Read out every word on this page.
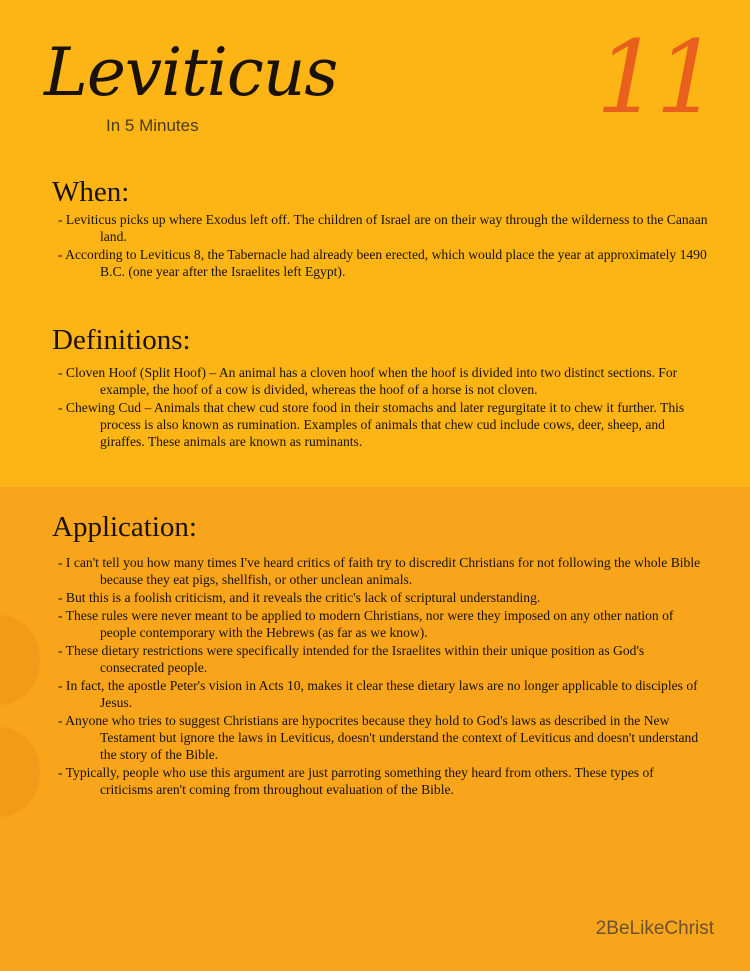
Leviticus
In 5 Minutes	11
When:
- Leviticus picks up where Exodus left off. The children of Israel are on their way through the wilderness to the Canaan land.
- According to Leviticus 8, the Tabernacle had already been erected, which would place the year at approximately 1490 B.C. (one year after the Israelites left Egypt).
Definitions:
- Cloven Hoof (Split Hoof) – An animal has a cloven hoof when the hoof is divided into two distinct sections. For example, the hoof of a cow is divided, whereas the hoof of a horse is not cloven.
- Chewing Cud – Animals that chew cud store food in their stomachs and later regurgitate it to chew it further. This process is also known as rumination. Examples of animals that chew cud include cows, deer, sheep, and giraffes. These animals are known as ruminants.
Application:
- I can't tell you how many times I've heard critics of faith try to discredit Christians for not following the whole Bible because they eat pigs, shellfish, or other unclean animals.
- But this is a foolish criticism, and it reveals the critic's lack of scriptural understanding.
- These rules were never meant to be applied to modern Christians, nor were they imposed on any other nation of people contemporary with the Hebrews (as far as we know).
- These dietary restrictions were specifically intended for the Israelites within their unique position as God's consecrated people.
- In fact, the apostle Peter's vision in Acts 10, makes it clear these dietary laws are no longer applicable to disciples of Jesus.
- Anyone who tries to suggest Christians are hypocrites because they hold to God's laws as described in the New Testament but ignore the laws in Leviticus, doesn't understand the context of Leviticus and doesn't understand the story of the Bible.
- Typically, people who use this argument are just parroting something they heard from others. These types of criticisms aren't coming from throughout evaluation of the Bible.
2BeLikeChrist
